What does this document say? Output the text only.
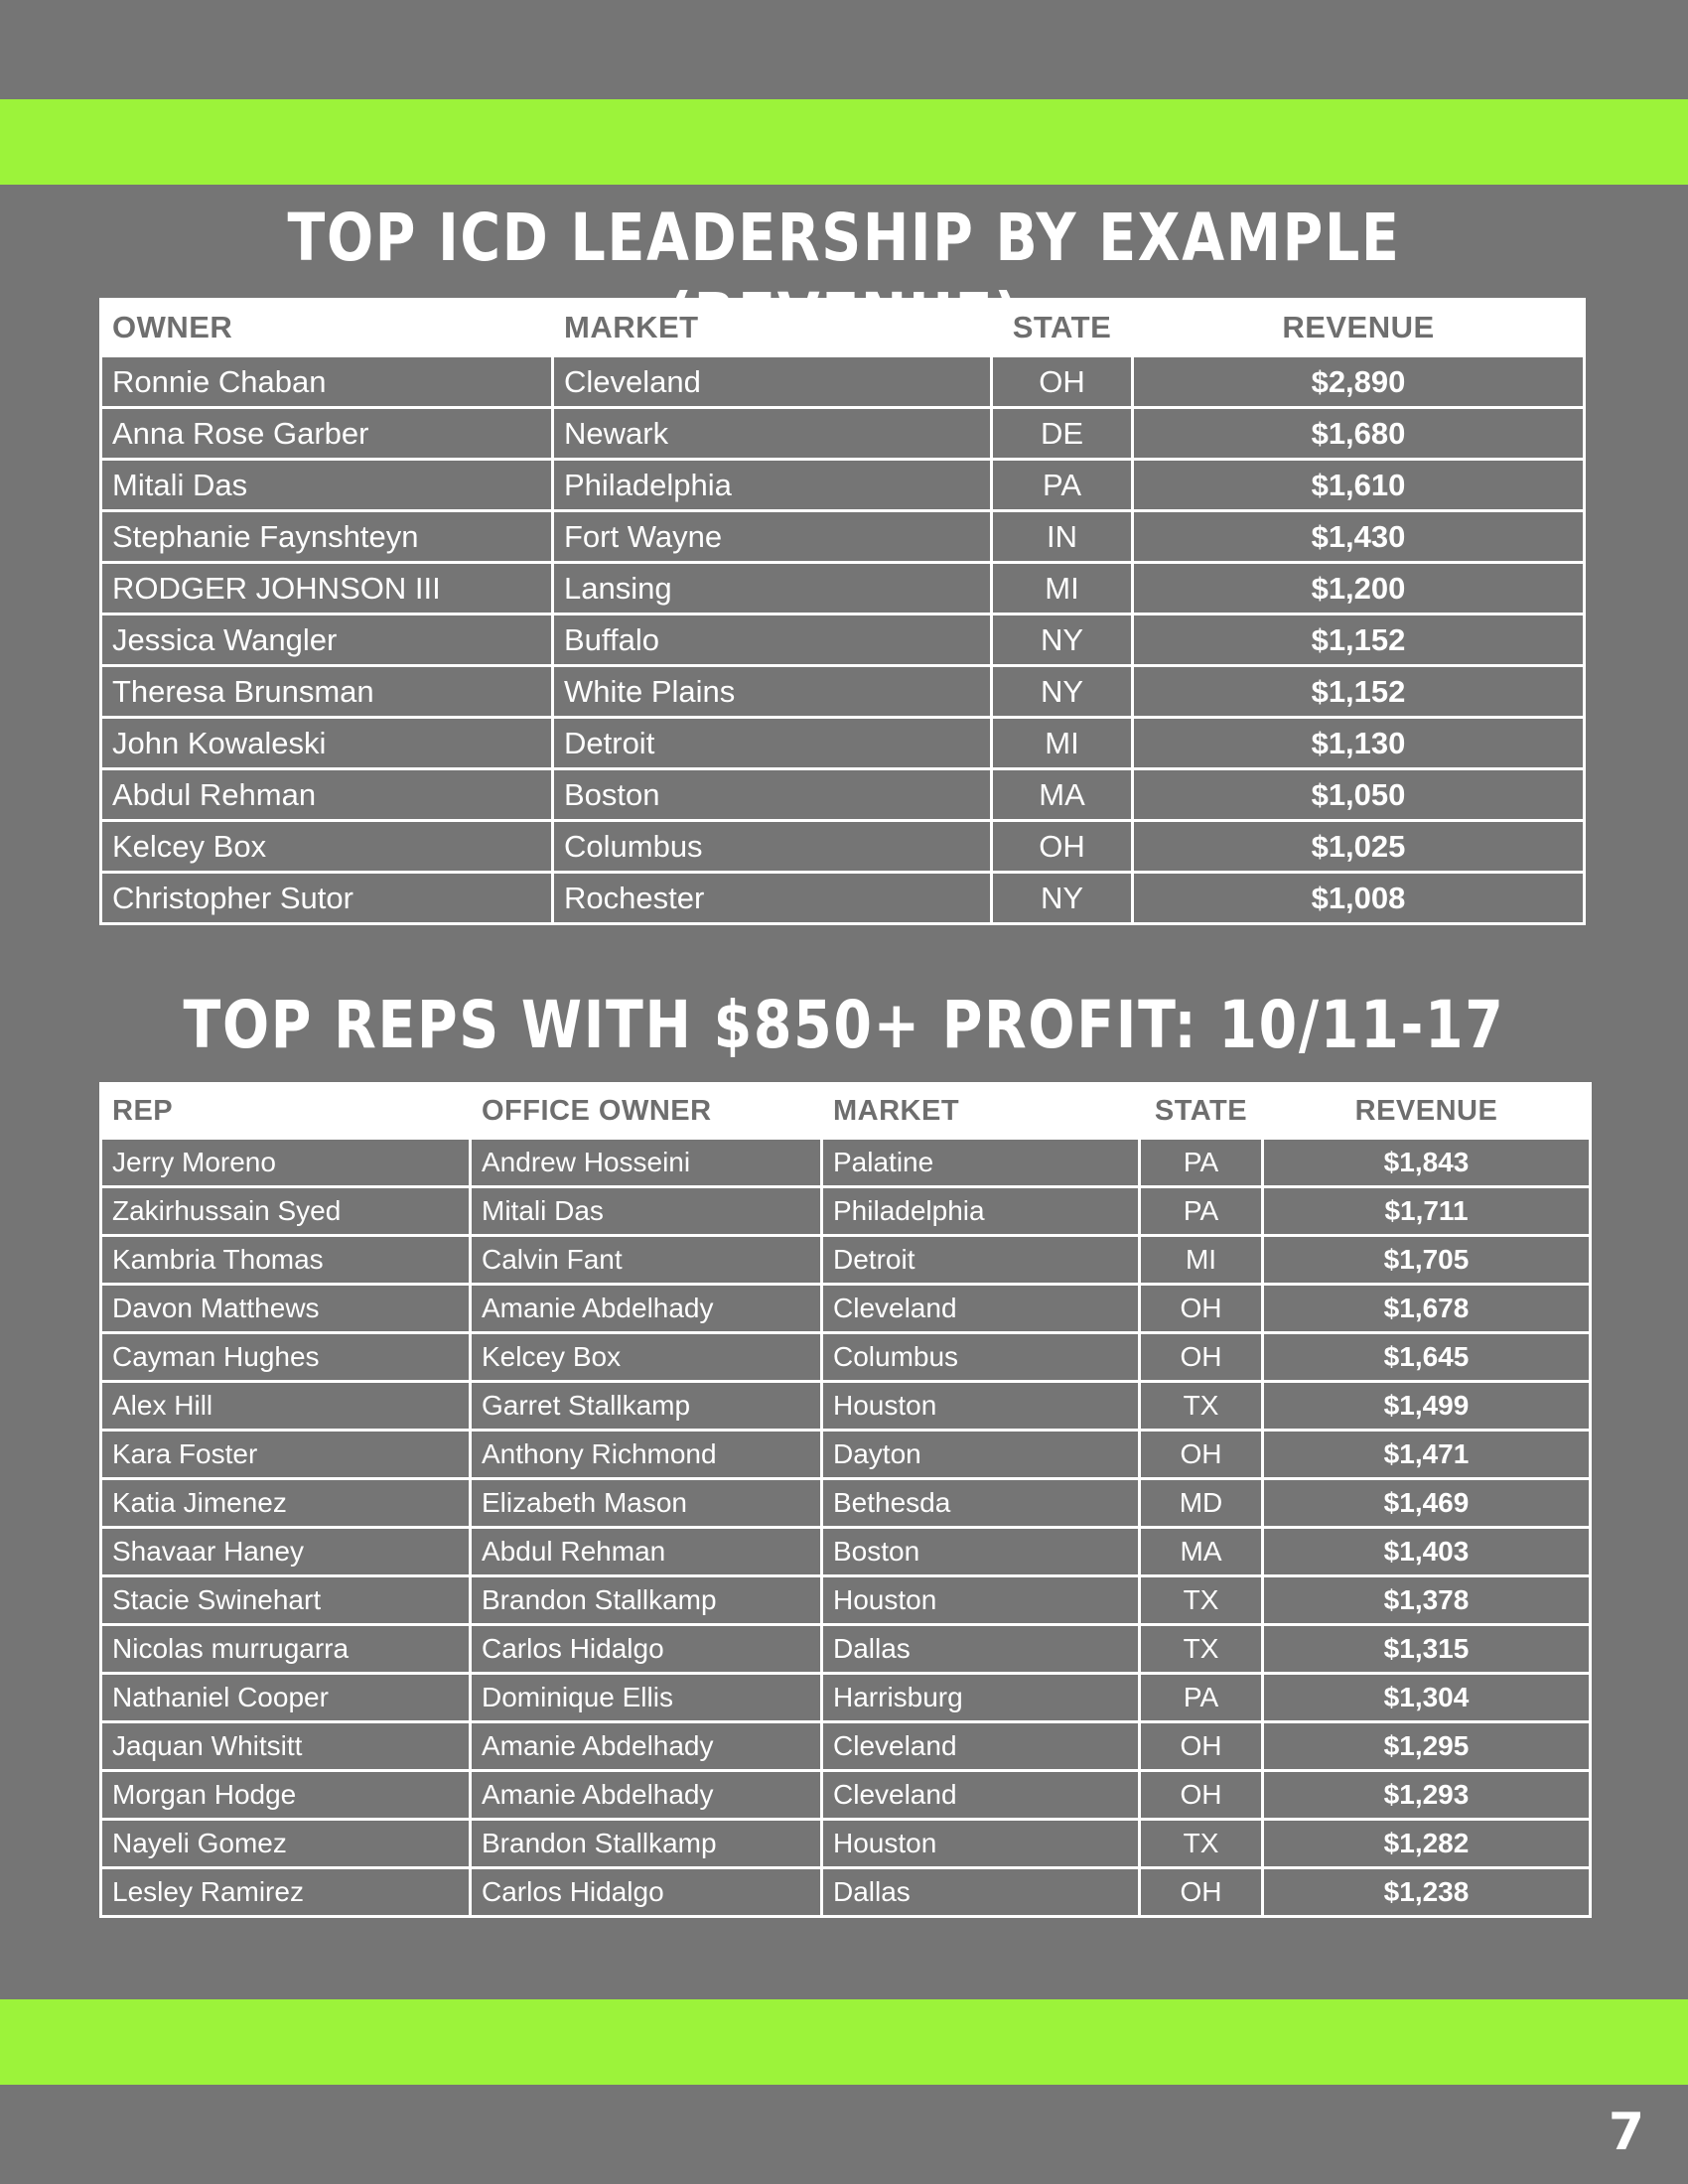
TOP ICD LEADERSHIP BY EXAMPLE
OWNER	MARKET	STATE	REVENUE
Ronnie Chaban	Cleveland	OH	$2,890
Anna Rose Garber	Newark	DE	$1,680
Mitali Das	Philadelphia	PA	$1,610
Stephanie Faynshteyn	Fort Wayne	IN	$1,430
RODGER JOHNSON III	Lansing	MI	$1,200
Jessica Wangler	Buffalo	NY	$1,152
Theresa Brunsman	White Plains	NY	$1,152
John Kowaleski	Detroit	MI	$1,130
Abdul Rehman	Boston	MA	$1,050
Kelcey Box	Columbus	OH	$1,025
Christopher Sutor	Rochester	NY	$1,008
TOP REPS WITH $850+ PROFIT: 10/11-17
REP	OFFICE OWNER	MARKET	STATE	REVENUE
Jerry Moreno	Andrew Hosseini	Palatine	PA	$1,843
Zakirhussain Syed	Mitali Das	Philadelphia	PA	$1,711
Kambria Thomas	Calvin Fant	Detroit	MI	$1,705
Davon Matthews	Amanie Abdelhady	Cleveland	OH	$1,678
Cayman Hughes	Kelcey Box	Columbus	OH	$1,645
Alex Hill	Garret Stallkamp	Houston	TX	$1,499
Kara Foster	Anthony Richmond	Dayton	OH	$1,471
Katia Jimenez	Elizabeth Mason	Bethesda	MD	$1,469
Shavaar Haney	Abdul Rehman	Boston	MA	$1,403
Stacie Swinehart	Brandon Stallkamp	Houston	TX	$1,378
Nicolas murrugarra	Carlos Hidalgo	Dallas	TX	$1,315
Nathaniel Cooper	Dominique Ellis	Harrisburg	PA	$1,304
Jaquan Whitsitt	Amanie Abdelhady	Cleveland	OH	$1,295
Morgan Hodge	Amanie Abdelhady	Cleveland	OH	$1,293
Nayeli Gomez	Brandon Stallkamp	Houston	TX	$1,282
Lesley Ramirez	Carlos Hidalgo	Dallas	OH	$1,238
7
